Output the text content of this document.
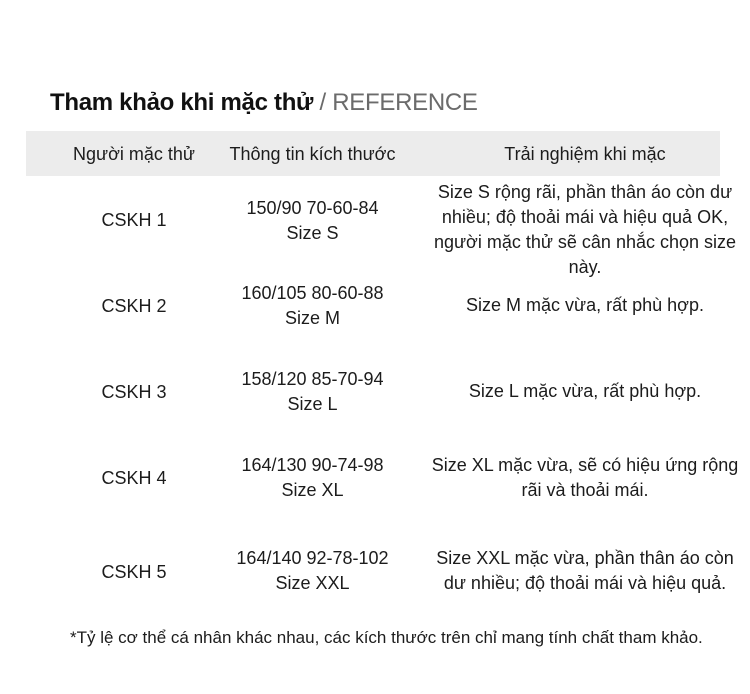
Tham khảo khi mặc thử / REFERENCE
Người mặc thử	Thông tin kích thước	Trải nghiệm khi mặc
CSKH 1
150/90 70-60-84
Size S
Size S rộng rãi, phần thân áo còn dư
nhiều; độ thoải mái và hiệu quả OK,
người mặc thử sẽ cân nhắc chọn size này.
CSKH 2
160/105 80-60-88
Size M
Size M mặc vừa, rất phù hợp.
CSKH 3
158/120 85-70-94
Size L
Size L mặc vừa, rất phù hợp.
CSKH 4
164/130 90-74-98
Size XL
Size XL mặc vừa, sẽ có hiệu ứng rộng
rãi và thoải mái.
CSKH 5
164/140 92-78-102
Size XXL
Size XXL mặc vừa, phần thân áo còn
dư nhiều; độ thoải mái và hiệu quả.
*Tỷ lệ cơ thể cá nhân khác nhau, các kích thước trên chỉ mang tính chất tham khảo.
